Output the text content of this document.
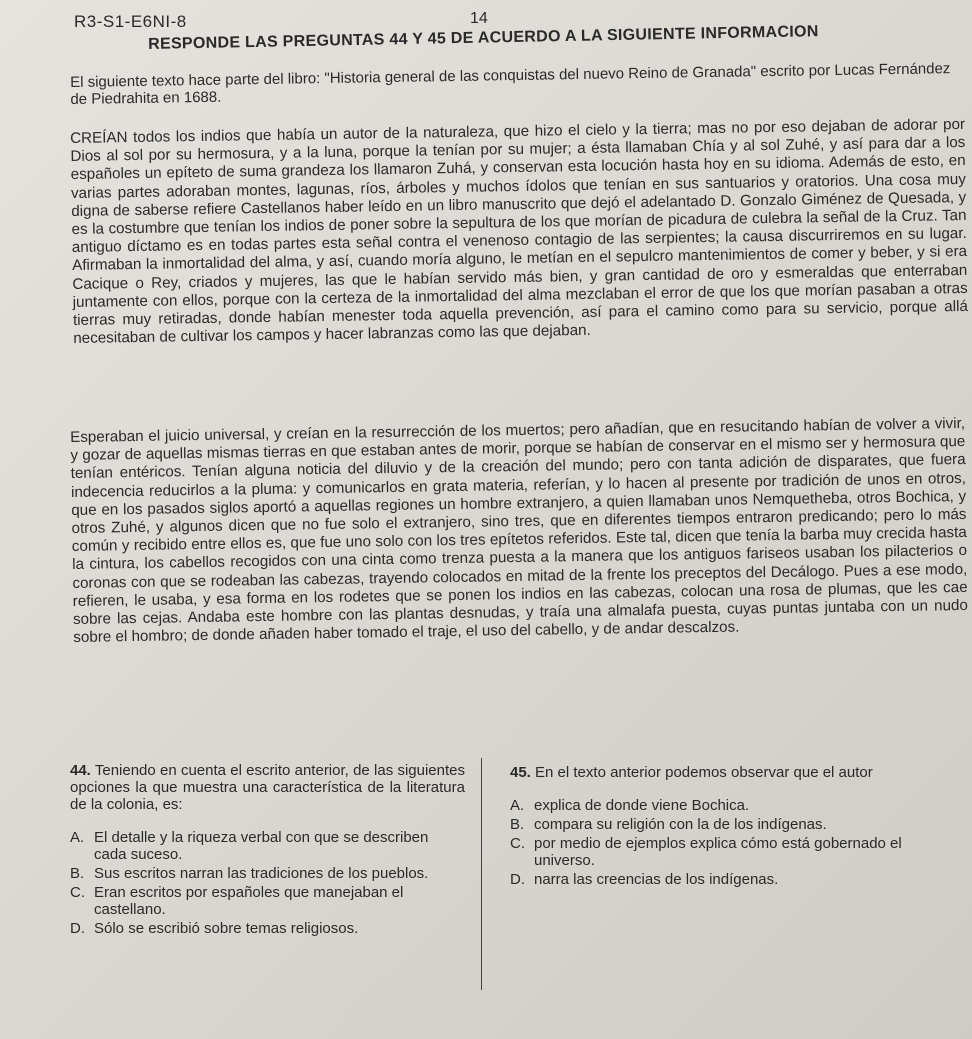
R3-S1-E6NI-8	14
RESPONDE LAS PREGUNTAS 44 Y 45 DE ACUERDO A LA SIGUIENTE INFORMACION
El siguiente texto hace parte del libro: "Historia general de las conquistas del nuevo Reino de Granada" escrito por Lucas Fernández de Piedrahita en 1688.
CREÍAN todos los indios que había un autor de la naturaleza, que hizo el cielo y la tierra; mas no por eso dejaban de adorar por Dios al sol por su hermosura, y a la luna, porque la tenían por su mujer; a ésta llamaban Chía y al sol Zuhé, y así para dar a los españoles un epíteto de suma grandeza los llamaron Zuhá, y conservan esta locución hasta hoy en su idioma. Además de esto, en varias partes adoraban montes, lagunas, ríos, árboles y muchos ídolos que tenían en sus santuarios y oratorios. Una cosa muy digna de saberse refiere Castellanos haber leído en un libro manuscrito que dejó el adelantado D. Gonzalo Giménez de Quesada, y es la costumbre que tenían los indios de poner sobre la sepultura de los que morían de picadura de culebra la señal de la Cruz. Tan antiguo díctamo es en todas partes esta señal contra el venenoso contagio de las serpientes; la causa discurriremos en su lugar. Afirmaban la inmortalidad del alma, y así, cuando moría alguno, le metían en el sepulcro mantenimientos de comer y beber, y si era Cacique o Rey, criados y mujeres, las que le habían servido más bien, y gran cantidad de oro y esmeraldas que enterraban juntamente con ellos, porque con la certeza de la inmortalidad del alma mezclaban el error de que los que morían pasaban a otras tierras muy retiradas, donde habían menester toda aquella prevención, así para el camino como para su servicio, porque allá necesitaban de cultivar los campos y hacer labranzas como las que dejaban.
Esperaban el juicio universal, y creían en la resurrección de los muertos; pero añadían, que en resucitando habían de volver a vivir, y gozar de aquellas mismas tierras en que estaban antes de morir, porque se habían de conservar en el mismo ser y hermosura que tenían entéricos. Tenían alguna noticia del diluvio y de la creación del mundo; pero con tanta adición de disparates, que fuera indecencia reducirlos a la pluma: y comunicarlos en grata materia, referían, y lo hacen al presente por tradición de unos en otros, que en los pasados siglos aportó a aquellas regiones un hombre extranjero, a quien llamaban unos Nemquetheba, otros Bochica, y otros Zuhé, y algunos dicen que no fue solo el extranjero, sino tres, que en diferentes tiempos entraron predicando; pero lo más común y recibido entre ellos es, que fue uno solo con los tres epítetos referidos. Este tal, dicen que tenía la barba muy crecida hasta la cintura, los cabellos recogidos con una cinta como trenza puesta a la manera que los antiguos fariseos usaban los pilacterios o coronas con que se rodeaban las cabezas, trayendo colocados en mitad de la frente los preceptos del Decálogo. Pues a ese modo, refieren, le usaba, y esa forma en los rodetes que se ponen los indios en las cabezas, colocan una rosa de plumas, que les cae sobre las cejas. Andaba este hombre con las plantas desnudas, y traía una almalafa puesta, cuyas puntas juntaba con un nudo sobre el hombro; de donde añaden haber tomado el traje, el uso del cabello, y de andar descalzos.
44. Teniendo en cuenta el escrito anterior, de las siguientes opciones la que muestra una característica de la literatura de la colonia, es:
A. El detalle y la riqueza verbal con que se describen cada suceso.
B. Sus escritos narran las tradiciones de los pueblos.
C. Eran escritos por españoles que manejaban el castellano.
D. Sólo se escribió sobre temas religiosos.
45. En el texto anterior podemos observar que el autor
A. explica de donde viene Bochica.
B. compara su religión con la de los indígenas.
C. por medio de ejemplos explica cómo está gobernado el universo.
D. narra las creencias de los indígenas.
